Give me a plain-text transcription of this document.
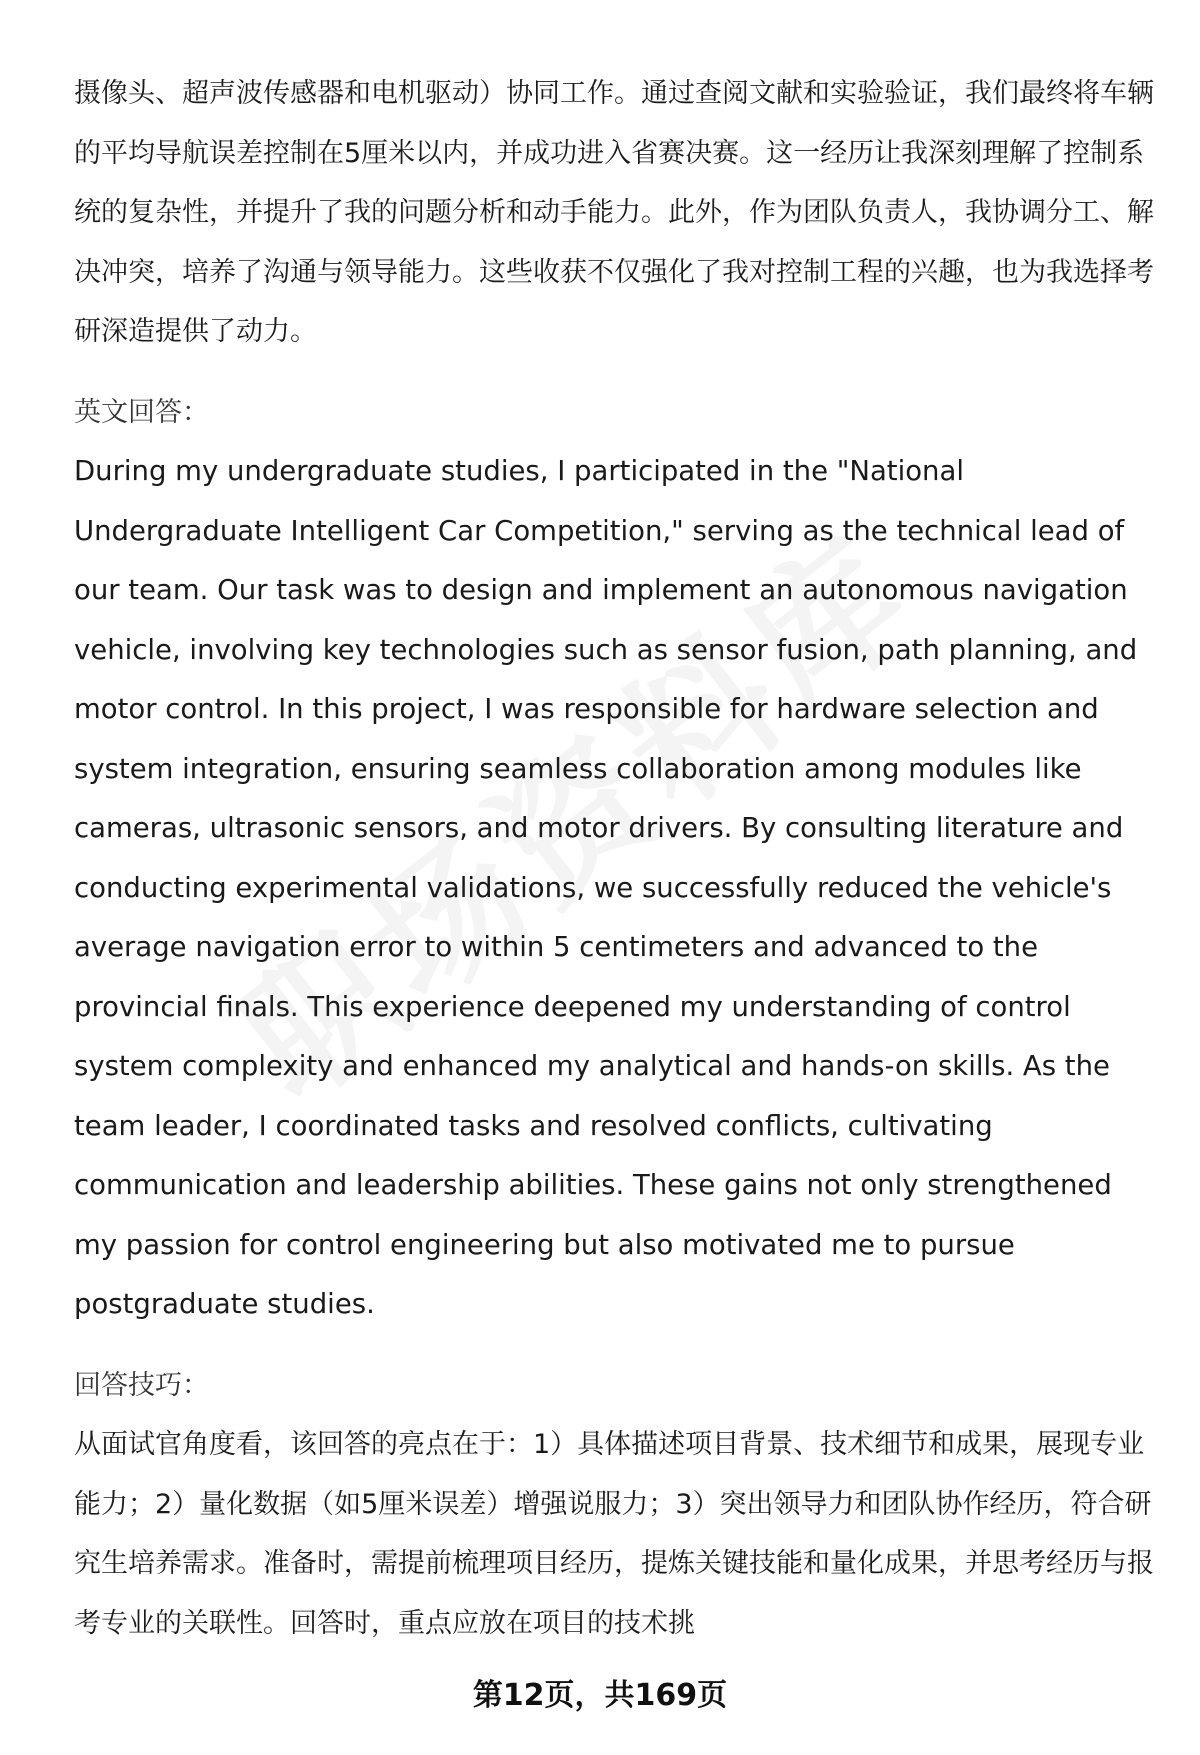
摄像头、超声波传感器和电机驱动）协同工作。通过查阅文献和实验验证，我们最终将车辆的平均导航误差控制在5厘米以内，并成功进入省赛决赛。这一经历让我深刻理解了控制系统的复杂性，并提升了我的问题分析和动手能力。此外，作为团队负责人，我协调分工、解决冲突，培养了沟通与领导能力。这些收获不仅强化了我对控制工程的兴趣，也为我选择考研深造提供了动力。

英文回答：

During my undergraduate studies, I participated in the "National Undergraduate Intelligent Car Competition," serving as the technical lead of our team. Our task was to design and implement an autonomous navigation vehicle, involving key technologies such as sensor fusion, path planning, and motor control. In this project, I was responsible for hardware selection and system integration, ensuring seamless collaboration among modules like cameras, ultrasonic sensors, and motor drivers. By consulting literature and conducting experimental validations, we successfully reduced the vehicle's average navigation error to within 5 centimeters and advanced to the provincial finals. This experience deepened my understanding of control system complexity and enhanced my analytical and hands-on skills. As the team leader, I coordinated tasks and resolved conflicts, cultivating communication and leadership abilities. These gains not only strengthened my passion for control engineering but also motivated me to pursue postgraduate studies.

回答技巧：

从面试官角度看，该回答的亮点在于：1）具体描述项目背景、技术细节和成果，展现专业能力；2）量化数据（如5厘米误差）增强说服力；3）突出领导力和团队协作经历，符合研究生培养需求。准备时，需提前梳理项目经历，提炼关键技能和量化成果，并思考经历与报考专业的关联性。回答时，重点应放在项目的技术挑

第12页，共169页
